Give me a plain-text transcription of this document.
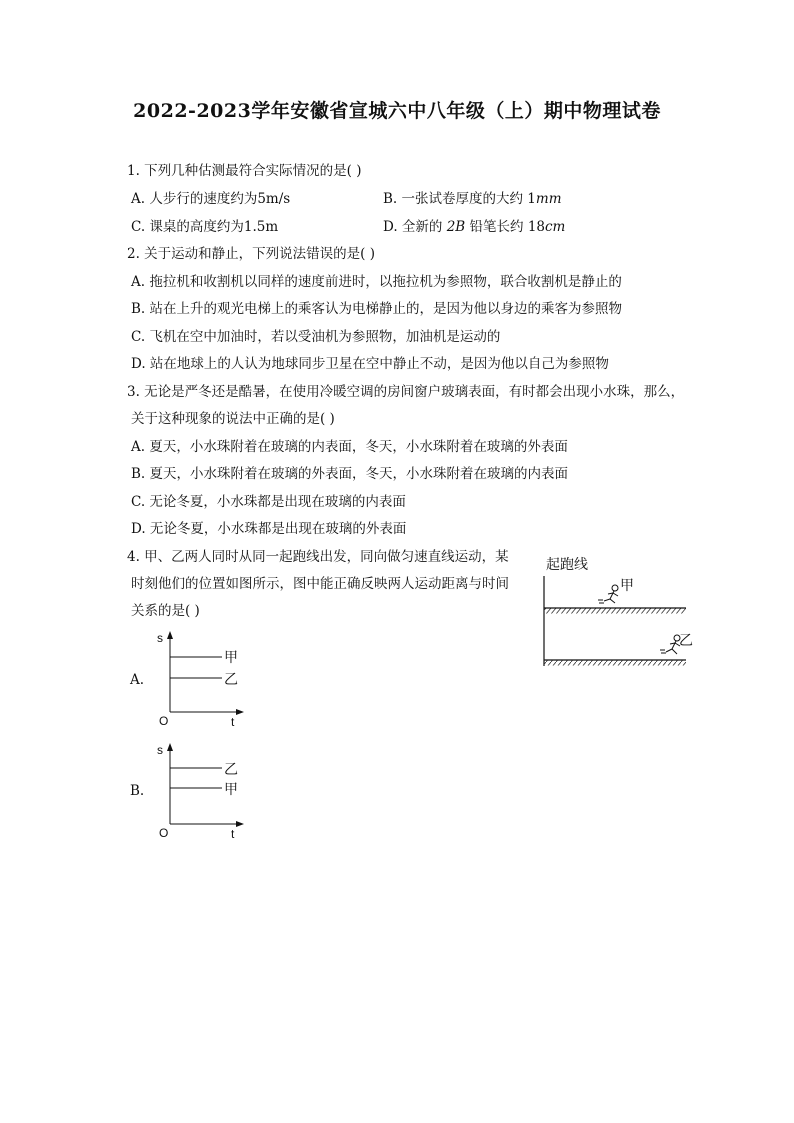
2022-2023学年安徽省宣城六中八年级（上）期中物理试卷
1. 下列几种估测最符合实际情况的是( )
A. 人步行的速度约为5m/s	B. 一张试卷厚度的大约 1mm
C. 课桌的高度约为1.5m	D. 全新的 2B 铅笔长约 18cm
2. 关于运动和静止，下列说法错误的是( )
A. 拖拉机和收割机以同样的速度前进时，以拖拉机为参照物，联合收割机是静止的
B. 站在上升的观光电梯上的乘客认为电梯静止的，是因为他以身边的乘客为参照物
C. 飞机在空中加油时，若以受油机为参照物，加油机是运动的
D. 站在地球上的人认为地球同步卫星在空中静止不动，是因为他以自己为参照物
3. 无论是严冬还是酷暑，在使用冷暖空调的房间窗户玻璃表面，有时都会出现小水珠，那么，
关于这种现象的说法中正确的是( )
A. 夏天，小水珠附着在玻璃的内表面，冬天，小水珠附着在玻璃的外表面
B. 夏天，小水珠附着在玻璃的外表面，冬天，小水珠附着在玻璃的内表面
C. 无论冬夏，小水珠都是出现在玻璃的内表面
D. 无论冬夏，小水珠都是出现在玻璃的外表面
4. 甲、乙两人同时从同一起跑线出发，同向做匀速直线运动，某
时刻他们的位置如图所示，图中能正确反映两人运动距离与时间
关系的是( )
起跑线
甲
乙
A.
s
O	t
甲
乙
B.
s
O	t
乙
甲
